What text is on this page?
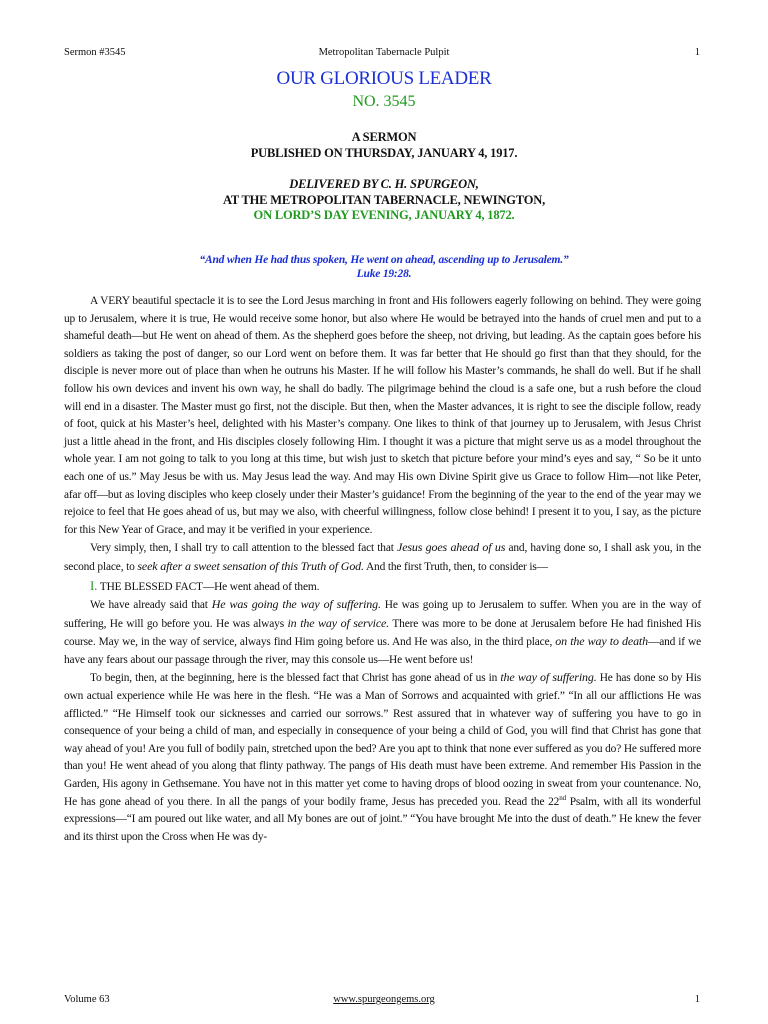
Sermon #3545	Metropolitan Tabernacle Pulpit	1
OUR GLORIOUS LEADER
NO. 3545
A SERMON
PUBLISHED ON THURSDAY, JANUARY 4, 1917.
DELIVERED BY C. H. SPURGEON,
AT THE METROPOLITAN TABERNACLE, NEWINGTON,
ON LORD’S DAY EVENING, JANUARY 4, 1872.
“And when He had thus spoken, He went on ahead, ascending up to Jerusalem.”
Luke 19:28.

A VERY beautiful spectacle it is to see the Lord Jesus marching in front and His followers eagerly following on behind. They were going up to Jerusalem, where it is true, He would receive some honor, but also where He would be betrayed into the hands of cruel men and put to a shameful death—but He went on ahead of them. As the shepherd goes before the sheep, not driving, but leading. As the captain goes before his soldiers as taking the post of danger, so our Lord went on before them. It was far better that He should go first than that they should, for the disciple is never more out of place than when he outruns his Master. If he will follow his Master’s commands, he shall do well. But if he shall follow his own devices and invent his own way, he shall do badly. The pilgrimage behind the cloud is a safe one, but a rush before the cloud will end in a disaster. The Master must go first, not the disciple. But then, when the Master advances, it is right to see the disciple follow, ready of foot, quick at his Master’s heel, delighted with his Master’s company. One likes to think of that journey up to Jerusalem, with Jesus Christ just a little ahead in the front, and His disciples closely following Him. I thought it was a picture that might serve us as a model throughout the whole year. I am not going to talk to you long at this time, but wish just to sketch that picture before your mind’s eyes and say, “ So be it unto each one of us.” May Jesus be with us. May Jesus lead the way. And may His own Divine Spirit give us Grace to follow Him—not like Peter, afar off—but as loving disciples who keep closely under their Master’s guidance! From the beginning of the year to the end of the year may we rejoice to feel that He goes ahead of us, but may we also, with cheerful willingness, follow close behind! I present it to you, I say, as the picture for this New Year of Grace, and may it be verified in your experience.

Very simply, then, I shall try to call attention to the blessed fact that Jesus goes ahead of us and, having done so, I shall ask you, in the second place, to seek after a sweet sensation of this Truth of God. And the first Truth, then, to consider is—

I. THE BLESSED FACT—He went ahead of them.

We have already said that He was going the way of suffering. He was going up to Jerusalem to suffer. When you are in the way of suffering, He will go before you. He was always in the way of service. There was more to be done at Jerusalem before He had finished His course. May we, in the way of service, always find Him going before us. And He was also, in the third place, on the way to death—and if we have any fears about our passage through the river, may this console us—He went before us!

To begin, then, at the beginning, here is the blessed fact that Christ has gone ahead of us in the way of suffering. He has done so by His own actual experience while He was here in the flesh. “He was a Man of Sorrows and acquainted with grief.” “In all our afflictions He was afflicted.” “He Himself took our sicknesses and carried our sorrows.” Rest assured that in whatever way of suffering you have to go in consequence of your being a child of man, and especially in consequence of your being a child of God, you will find that Christ has gone that way ahead of you! Are you full of bodily pain, stretched upon the bed? Are you apt to think that none ever suffered as you do? He suffered more than you! He went ahead of you along that flinty pathway. The pangs of His death must have been extreme. And remember His Passion in the Garden, His agony in Gethsemane. You have not in this matter yet come to having drops of blood oozing in sweat from your countenance. No, He has gone ahead of you there. In all the pangs of your bodily frame, Jesus has preceded you. Read the 22nd Psalm, with all its wonderful expressions—“I am poured out like water, and all My bones are out of joint.” “You have brought Me into the dust of death.” He knew the fever and its thirst upon the Cross when He was dy-

Volume 63	www.spurgeongems.org	1
